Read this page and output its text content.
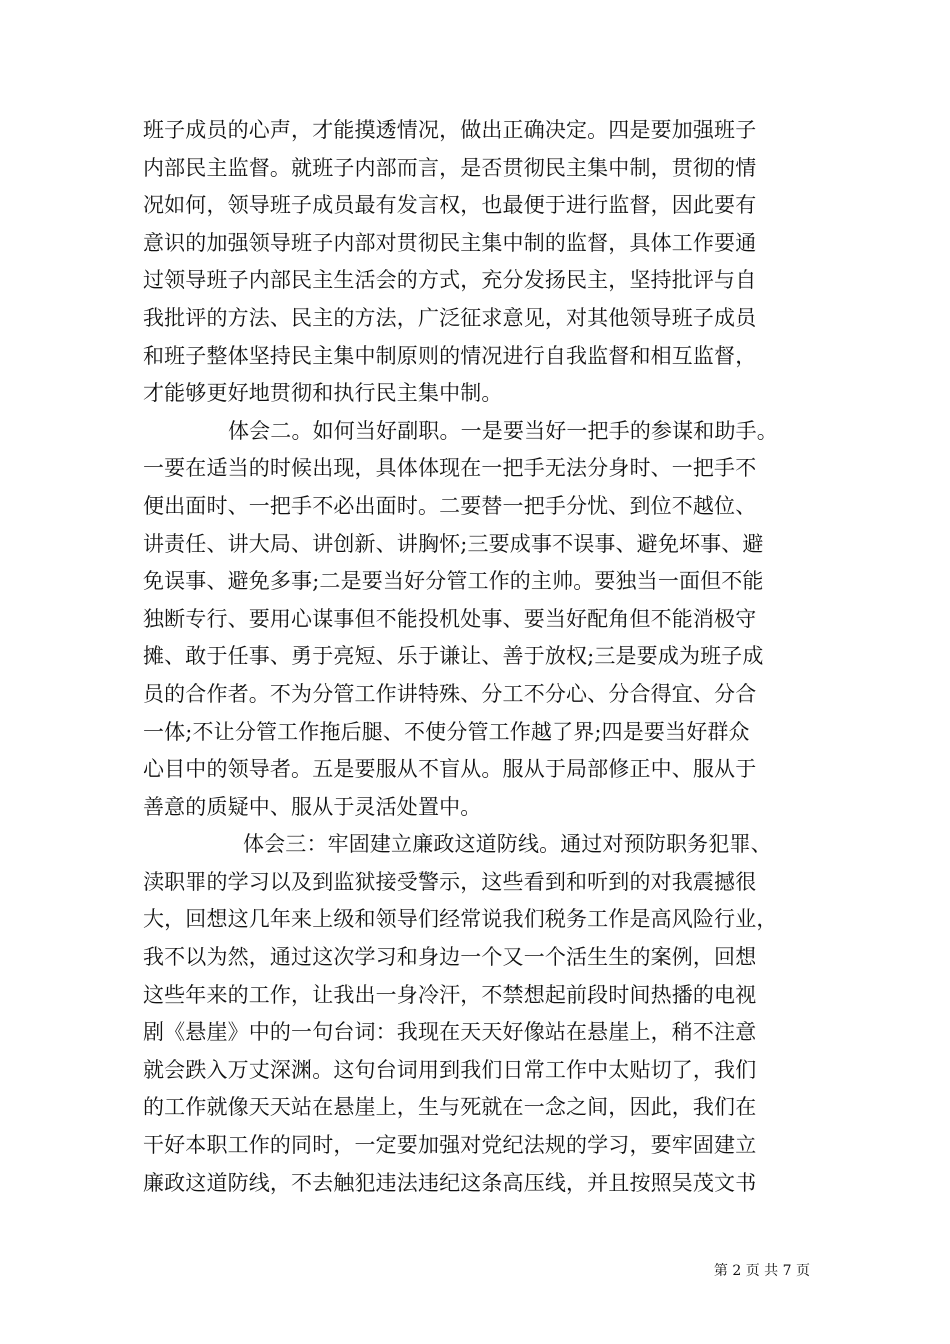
班子成员的心声，才能摸透情况，做出正确决定。四是要加强班子
内部民主监督。就班子内部而言，是否贯彻民主集中制，贯彻的情
况如何，领导班子成员最有发言权，也最便于进行监督，因此要有
意识的加强领导班子内部对贯彻民主集中制的监督，具体工作要通
过领导班子内部民主生活会的方式，充分发扬民主，坚持批评与自
我批评的方法、民主的方法，广泛征求意见，对其他领导班子成员
和班子整体坚持民主集中制原则的情况进行自我监督和相互监督，
才能够更好地贯彻和执行民主集中制。
体会二。如何当好副职。一是要当好一把手的参谋和助手。
一要在适当的时候出现，具体体现在一把手无法分身时、一把手不
便出面时、一把手不必出面时。二要替一把手分忧、到位不越位、
讲责任、讲大局、讲创新、讲胸怀;三要成事不误事、避免坏事、避
免误事、避免多事;二是要当好分管工作的主帅。要独当一面但不能
独断专行、要用心谋事但不能投机处事、要当好配角但不能消极守
摊、敢于任事、勇于亮短、乐于谦让、善于放权;三是要成为班子成
员的合作者。不为分管工作讲特殊、分工不分心、分合得宜、分合
一体;不让分管工作拖后腿、不使分管工作越了界;四是要当好群众
心目中的领导者。五是要服从不盲从。服从于局部修正中、服从于
善意的质疑中、服从于灵活处置中。
体会三：牢固建立廉政这道防线。通过对预防职务犯罪、
渎职罪的学习以及到监狱接受警示，这些看到和听到的对我震撼很
大，回想这几年来上级和领导们经常说我们税务工作是高风险行业，
我不以为然，通过这次学习和身边一个又一个活生生的案例，回想
这些年来的工作，让我出一身冷汗，不禁想起前段时间热播的电视
剧《悬崖》中的一句台词：我现在天天好像站在悬崖上，稍不注意
就会跌入万丈深渊。这句台词用到我们日常工作中太贴切了，我们
的工作就像天天站在悬崖上，生与死就在一念之间，因此，我们在
干好本职工作的同时，一定要加强对党纪法规的学习，要牢固建立
廉政这道防线，不去触犯违法违纪这条高压线，并且按照吴茂文书
第 2 页 共 7 页
